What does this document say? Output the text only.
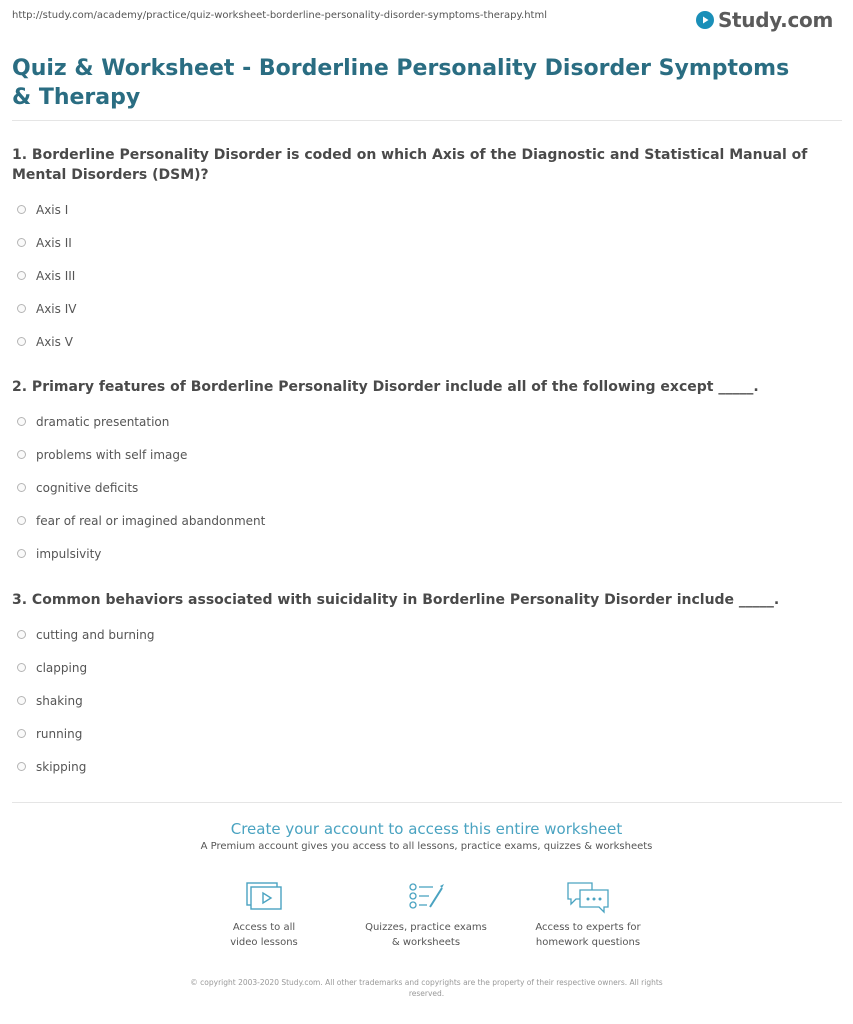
http://study.com/academy/practice/quiz-worksheet-borderline-personality-disorder-symptoms-therapy.html	Study.com
Quiz & Worksheet - Borderline Personality Disorder Symptoms & Therapy
1. Borderline Personality Disorder is coded on which Axis of the Diagnostic and Statistical Manual of Mental Disorders (DSM)?
Axis I
Axis II
Axis III
Axis IV
Axis V
2. Primary features of Borderline Personality Disorder include all of the following except _____.
dramatic presentation
problems with self image
cognitive deficits
fear of real or imagined abandonment
impulsivity
3. Common behaviors associated with suicidality in Borderline Personality Disorder include _____.
cutting and burning
clapping
shaking
running
skipping
Create your account to access this entire worksheet
A Premium account gives you access to all lessons, practice exams, quizzes & worksheets
Access to all
video lessons
Quizzes, practice exams
& worksheets
Access to experts for
homework questions
© copyright 2003-2020 Study.com. All other trademarks and copyrights are the property of their respective owners. All rights
reserved.
